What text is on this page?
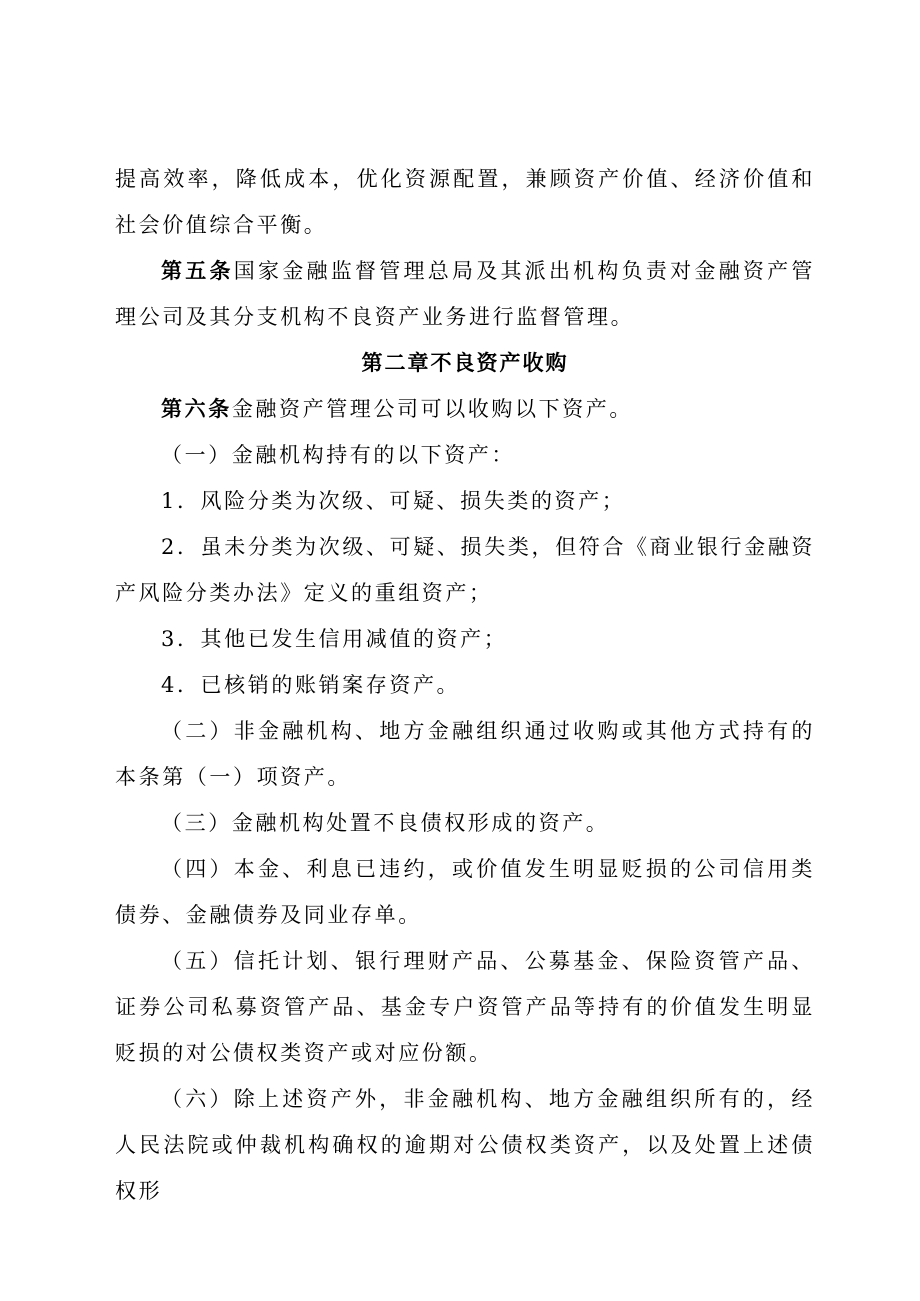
提高效率，降低成本，优化资源配置，兼顾资产价值、经济价值和社会价值综合平衡。

第五条国家金融监督管理总局及其派出机构负责对金融资产管理公司及其分支机构不良资产业务进行监督管理。

第二章不良资产收购

第六条金融资产管理公司可以收购以下资产。

（一）金融机构持有的以下资产：

1．风险分类为次级、可疑、损失类的资产；

2．虽未分类为次级、可疑、损失类，但符合《商业银行金融资产风险分类办法》定义的重组资产；

3．其他已发生信用减值的资产；

4．已核销的账销案存资产。

（二）非金融机构、地方金融组织通过收购或其他方式持有的本条第（一）项资产。

（三）金融机构处置不良债权形成的资产。

（四）本金、利息已违约，或价值发生明显贬损的公司信用类债券、金融债券及同业存单。

（五）信托计划、银行理财产品、公募基金、保险资管产品、证券公司私募资管产品、基金专户资管产品等持有的价值发生明显贬损的对公债权类资产或对应份额。

（六）除上述资产外，非金融机构、地方金融组织所有的，经人民法院或仲裁机构确权的逾期对公债权类资产，以及处置上述债权形
